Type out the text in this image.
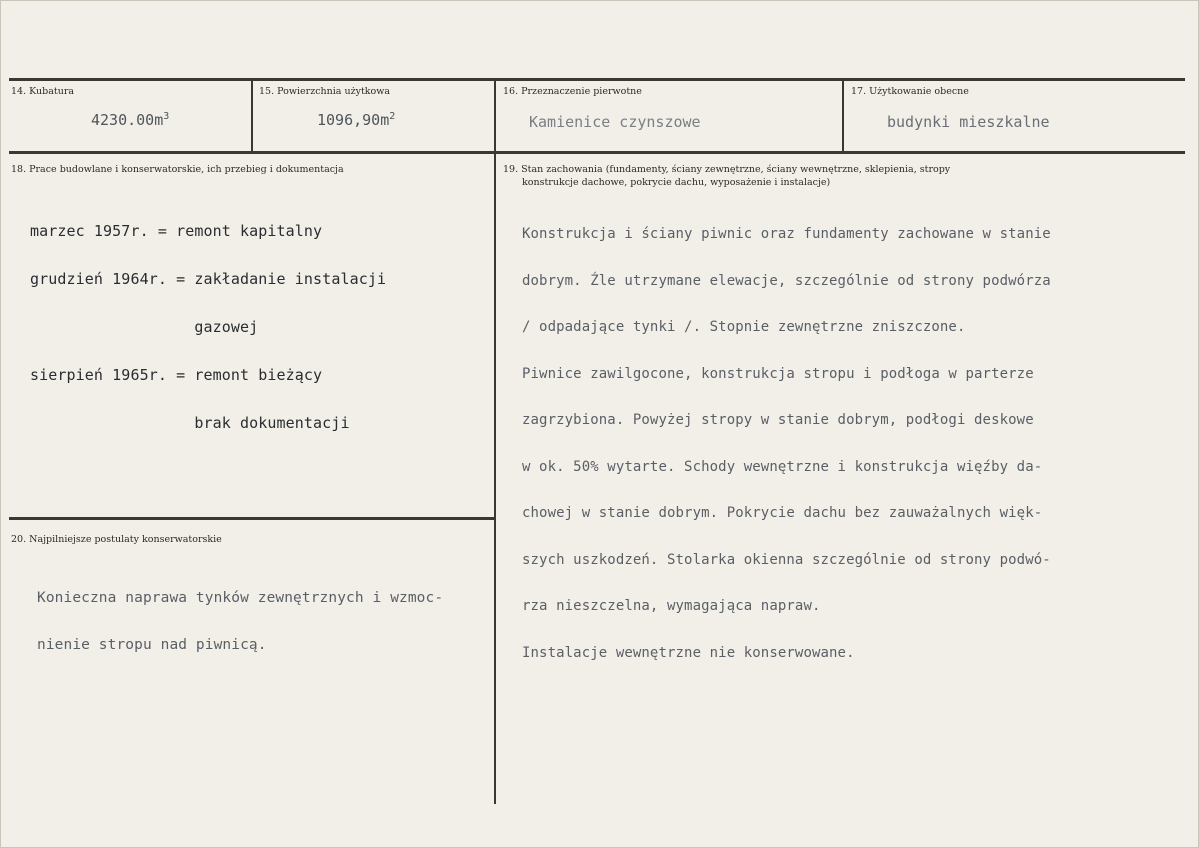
14. Kubatura
$4230.00m^3$
15. Powierzchnia użytkowa
$1096,90m^2$
16. Przeznaczenie pierwotne
Kamienice czynszowe
17. Użytkowanie obecne
budynki mieszkalne
18. Prace budowlane i konserwatorskie, ich przebieg i dokumentacja

marzec 1957r. = remont kapitalny

grudzień 1964r. = zakładanie instalacji

gazowej

sierpień 1965r. = remont bieżący

brak dokumentacji

19. Stan zachowania (fundamenty, ściany zewnętrzne, ściany wewnętrzne, sklepienia, stropy
konstrukcje dachowe, pokrycie dachu, wyposażenie i instalacje)

Konstrukcja i ściany piwnic oraz fundamenty zachowane w stanie

dobrym. Źle utrzymane elewacje, szczególnie od strony podwórza

/ odpadające tynki /. Stopnie zewnętrzne zniszczone.

Piwnice zawilgocone, konstrukcja stropu i podłoga w parterze

zagrzybiona. Powyżej stropy w stanie dobrym, podłogi deskowe

w ok. 50% wytarte. Schody wewnętrzne i konstrukcja więźby da-

chowej w stanie dobrym. Pokrycie dachu bez zauważalnych więk-

szych uszkodzeń. Stolarka okienna szczególnie od strony podwó-

rza nieszczelna, wymagająca napraw.

Instalacje wewnętrzne nie konserwowane.

20. Najpilniejsze postulaty konserwatorskie

Konieczna naprawa tynków zewnętrznych i wzmoc-

nienie stropu nad piwnicą.
